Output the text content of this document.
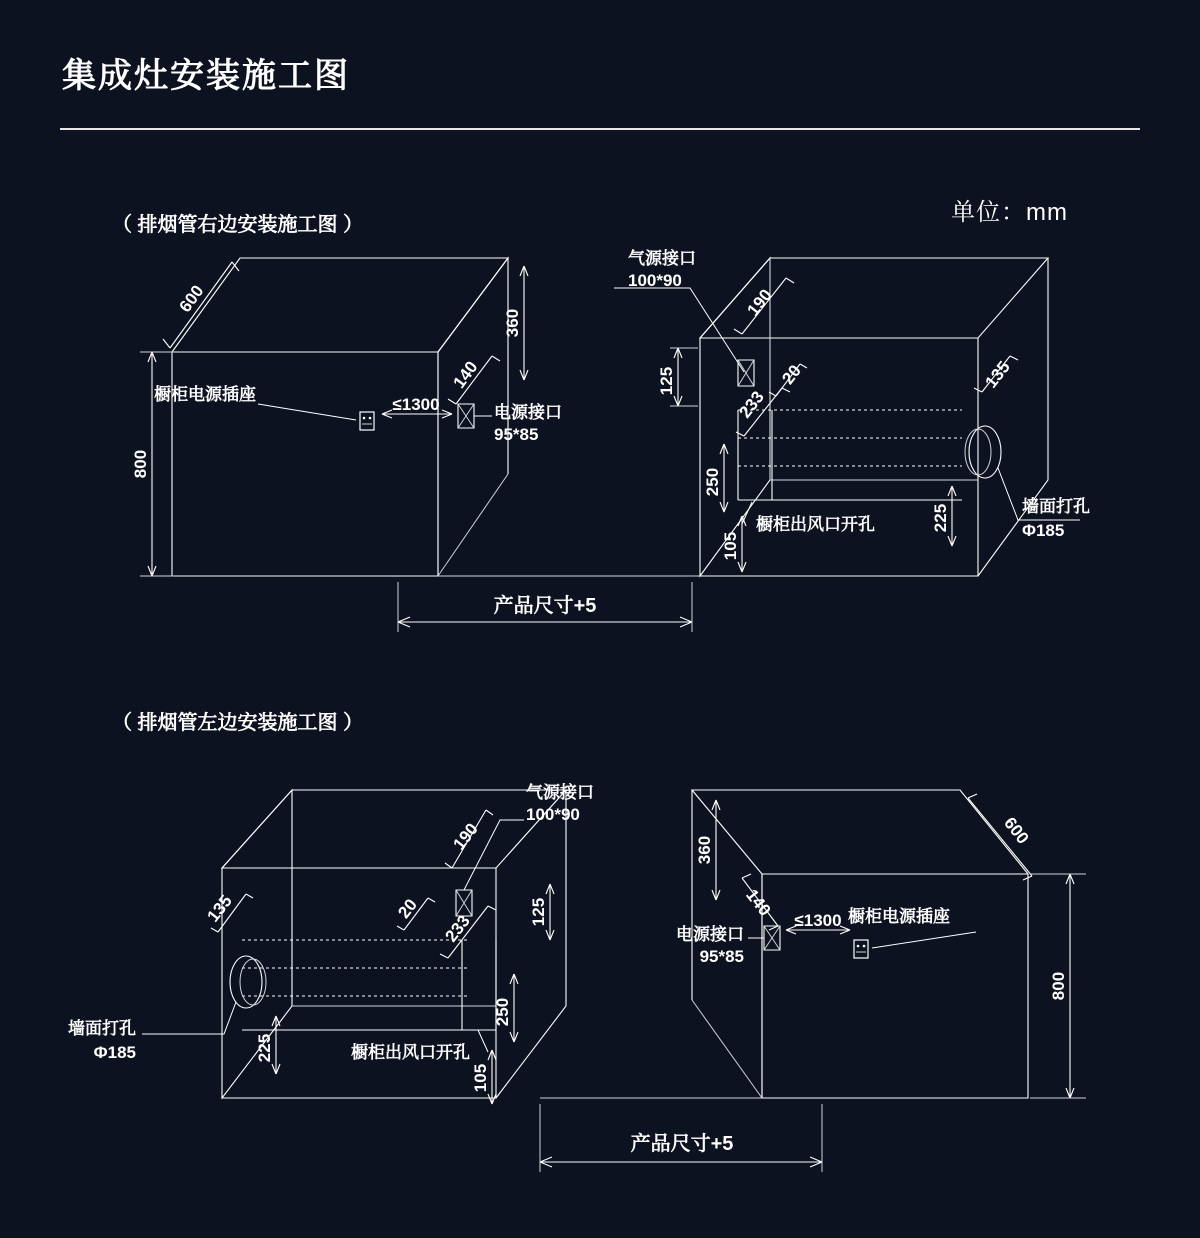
集成灶安装施工图
单位：mm
（ 排烟管右边安装施工图 ）
（ 排烟管左边安装施工图 ）
600
800
360
140
电源接口
95*85
橱柜电源插座
≤1300
墙面打孔
Φ185
气源接口
100*90
190
125	20
233
250
105
橱柜出风口开孔
135
225
产品尺寸+5
墙面打孔
Φ185
气源接口
100*90
190
125
20
233
250
105
135
225	橱柜出风口开孔
600
800
360
140
电源接口
95*85
≤1300 橱柜电源插座
产品尺寸+5
